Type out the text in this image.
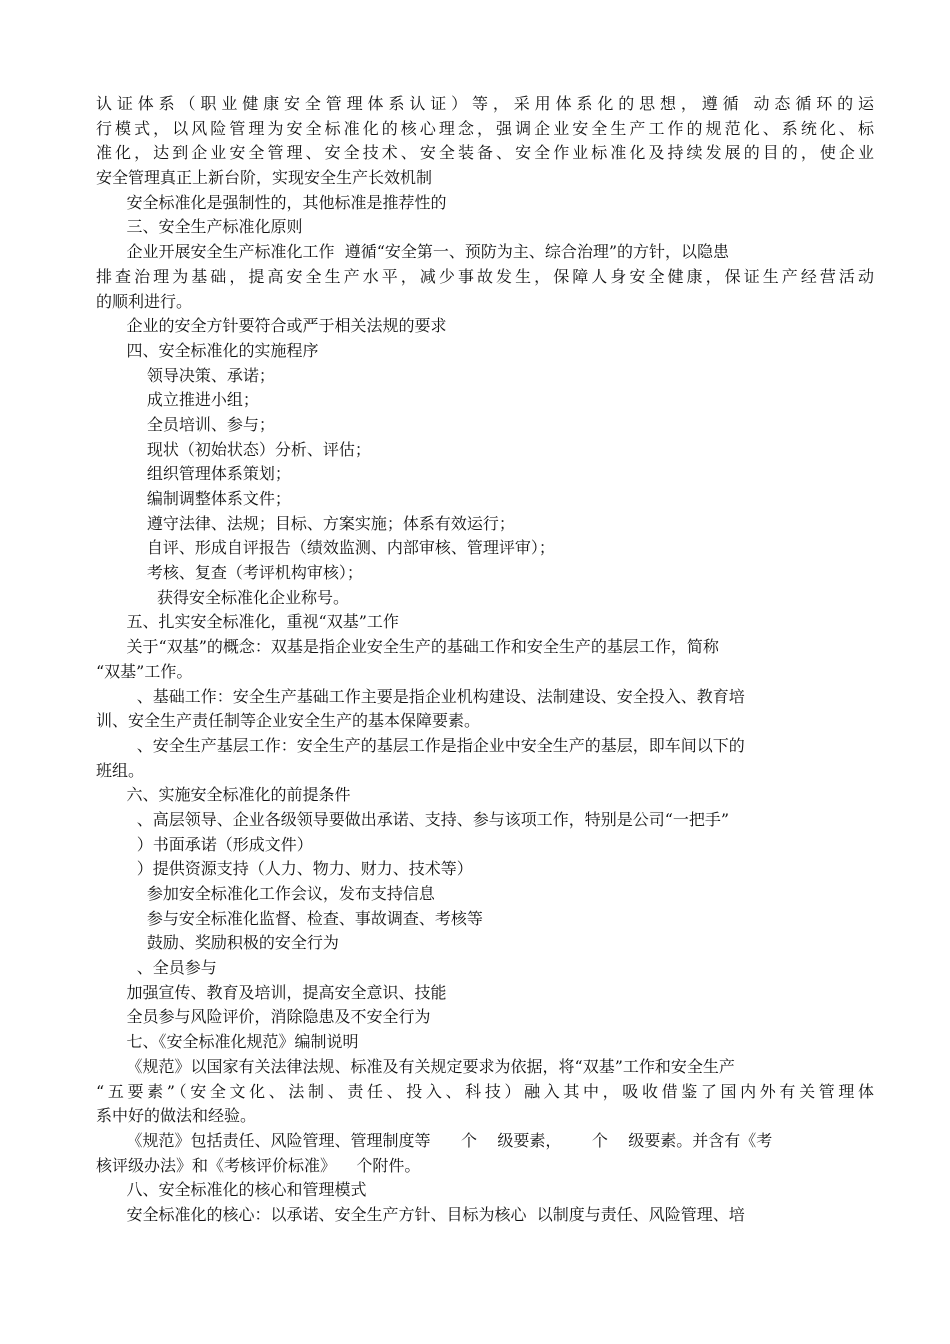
认证体系（职业健康安全管理体系认证）等，采用体系化的思想，遵循 动态循环的运
行模式，以风险管理为安全标准化的核心理念，强调企业安全生产工作的规范化、系统化、标
准化，达到企业安全管理、安全技术、安全装备、安全作业标准化及持续发展的目的，使企业
安全管理真正上新台阶，实现安全生产长效机制
安全标准化是强制性的，其他标准是推荐性的
三、安全生产标准化原则
企业开展安全生产标准化工作  遵循“安全第一、预防为主、综合治理”的方针，以隐患
排查治理为基础，提高安全生产水平，减少事故发生，保障人身安全健康，保证生产经营活动
的顺利进行。
企业的安全方针要符合或严于相关法规的要求
四、安全标准化的实施程序
领导决策、承诺；
成立推进小组；
全员培训、参与；
现状（初始状态）分析、评估；
组织管理体系策划；
编制调整体系文件；
遵守法律、法规；目标、方案实施；体系有效运行；
自评、形成自评报告（绩效监测、内部审核、管理评审）；
考核、复查（考评机构审核）；
获得安全标准化企业称号。
五、扎实安全标准化，重视“双基”工作
关于“双基”的概念：双基是指企业安全生产的基础工作和安全生产的基层工作，简称
“双基”工作。
、基础工作：安全生产基础工作主要是指企业机构建设、法制建设、安全投入、教育培
训、安全生产责任制等企业安全生产的基本保障要素。
、安全生产基层工作：安全生产的基层工作是指企业中安全生产的基层，即车间以下的
班组。
六、实施安全标准化的前提条件
、高层领导、企业各级领导要做出承诺、支持、参与该项工作，特别是公司“一把手”
）书面承诺（形成文件）
）提供资源支持（人力、物力、财力、技术等）
参加安全标准化工作会议，发布支持信息
参与安全标准化监督、检查、事故调查、考核等
鼓励、奖励积极的安全行为
、全员参与
加强宣传、教育及培训，提高安全意识、技能
全员参与风险评价，消除隐患及不安全行为
七、《安全标准化规范》编制说明
《规范》以国家有关法律法规、标准及有关规定要求为依据，将“双基”工作和安全生产
“五要素”（安全文化、法制、责任、投入、科技）融入其中，吸收借鉴了国内外有关管理体
系中好的做法和经验。
《规范》包括责任、风险管理、管理制度等      个    级要素，      个    级要素。并含有《考
核评级办法》和《考核评价标准》    个附件。
八、安全标准化的核心和管理模式
安全标准化的核心：以承诺、安全生产方针、目标为核心  以制度与责任、风险管理、培
